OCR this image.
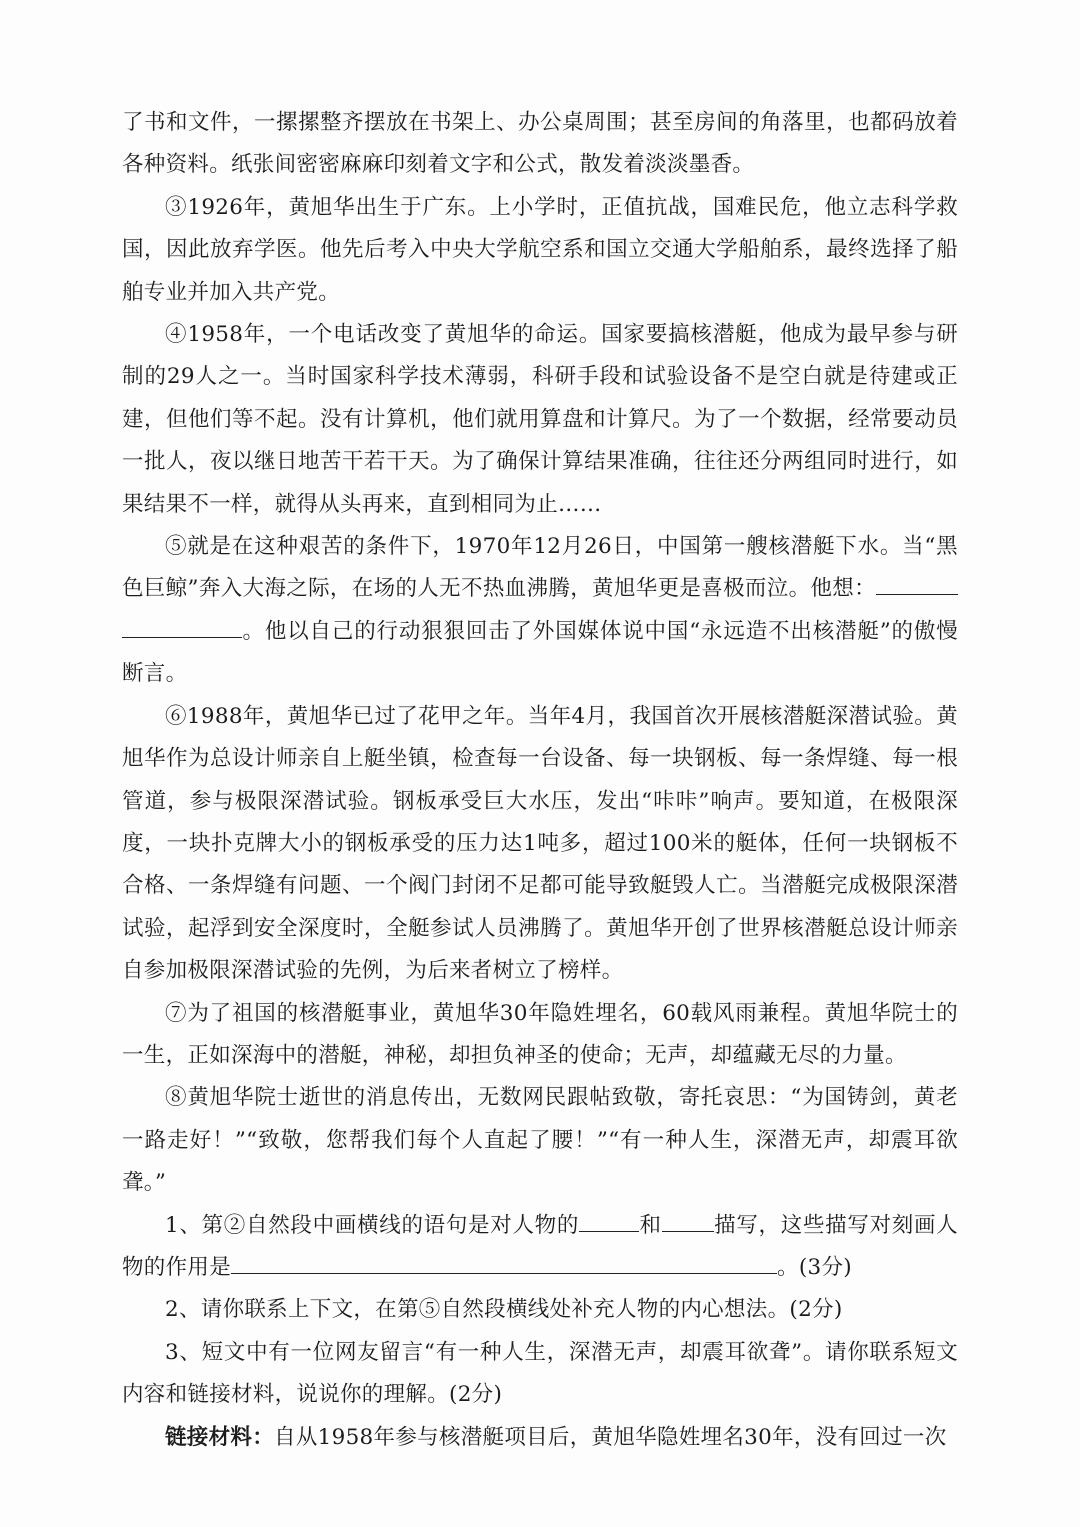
了书和文件，一摞摞整齐摆放在书架上、办公桌周围；甚至房间的角落里，也都码放着各种资料。纸张间密密麻麻印刻着文字和公式，散发着淡淡墨香。

③1926年，黄旭华出生于广东。上小学时，正值抗战，国难民危，他立志科学救国，因此放弃学医。他先后考入中央大学航空系和国立交通大学船舶系，最终选择了船舶专业并加入共产党。

④1958年，一个电话改变了黄旭华的命运。国家要搞核潜艇，他成为最早参与研制的29人之一。当时国家科学技术薄弱，科研手段和试验设备不是空白就是待建或正建，但他们等不起。没有计算机，他们就用算盘和计算尺。为了一个数据，经常要动员一批人，夜以继日地苦干若干天。为了确保计算结果准确，往往还分两组同时进行，如果结果不一样，就得从头再来，直到相同为止……

⑤就是在这种艰苦的条件下，1970年12月26日，中国第一艘核潜艇下水。当“黑色巨鲸”奔入大海之际，在场的人无不热血沸腾，黄旭华更是喜极而泣。他想：。他以自己的行动狠狠回击了外国媒体说中国“永远造不出核潜艇”的傲慢断言。

⑥1988年，黄旭华已过了花甲之年。当年4月，我国首次开展核潜艇深潜试验。黄旭华作为总设计师亲自上艇坐镇，检查每一台设备、每一块钢板、每一条焊缝、每一根管道，参与极限深潜试验。钢板承受巨大水压，发出“咔咔”响声。要知道，在极限深度，一块扑克牌大小的钢板承受的压力达1吨多，超过100米的艇体，任何一块钢板不合格、一条焊缝有问题、一个阀门封闭不足都可能导致艇毁人亡。当潜艇完成极限深潜试验，起浮到安全深度时，全艇参试人员沸腾了。黄旭华开创了世界核潜艇总设计师亲自参加极限深潜试验的先例，为后来者树立了榜样。

⑦为了祖国的核潜艇事业，黄旭华30年隐姓埋名，60载风雨兼程。黄旭华院士的一生，正如深海中的潜艇，神秘，却担负神圣的使命；无声，却蕴藏无尽的力量。

⑧黄旭华院士逝世的消息传出，无数网民跟帖致敬，寄托哀思：“为国铸剑，黄老一路走好！”“致敬，您帮我们每个人直起了腰！”“有一种人生，深潜无声，却震耳欲聋。”

1、第②自然段中画横线的语句是对人物的	和 描写，这些描写对刻画人物的作用是	。(3分)

2、请你联系上下文，在第⑤自然段横线处补充人物的内心想法。(2分)

3、短文中有一位网友留言“有一种人生，深潜无声，却震耳欲聋”。请你联系短文内容和链接材料，说说你的理解。(2分)

链接材料：自从1958年参与核潜艇项目后，黄旭华隐姓埋名30年，没有回过一次
